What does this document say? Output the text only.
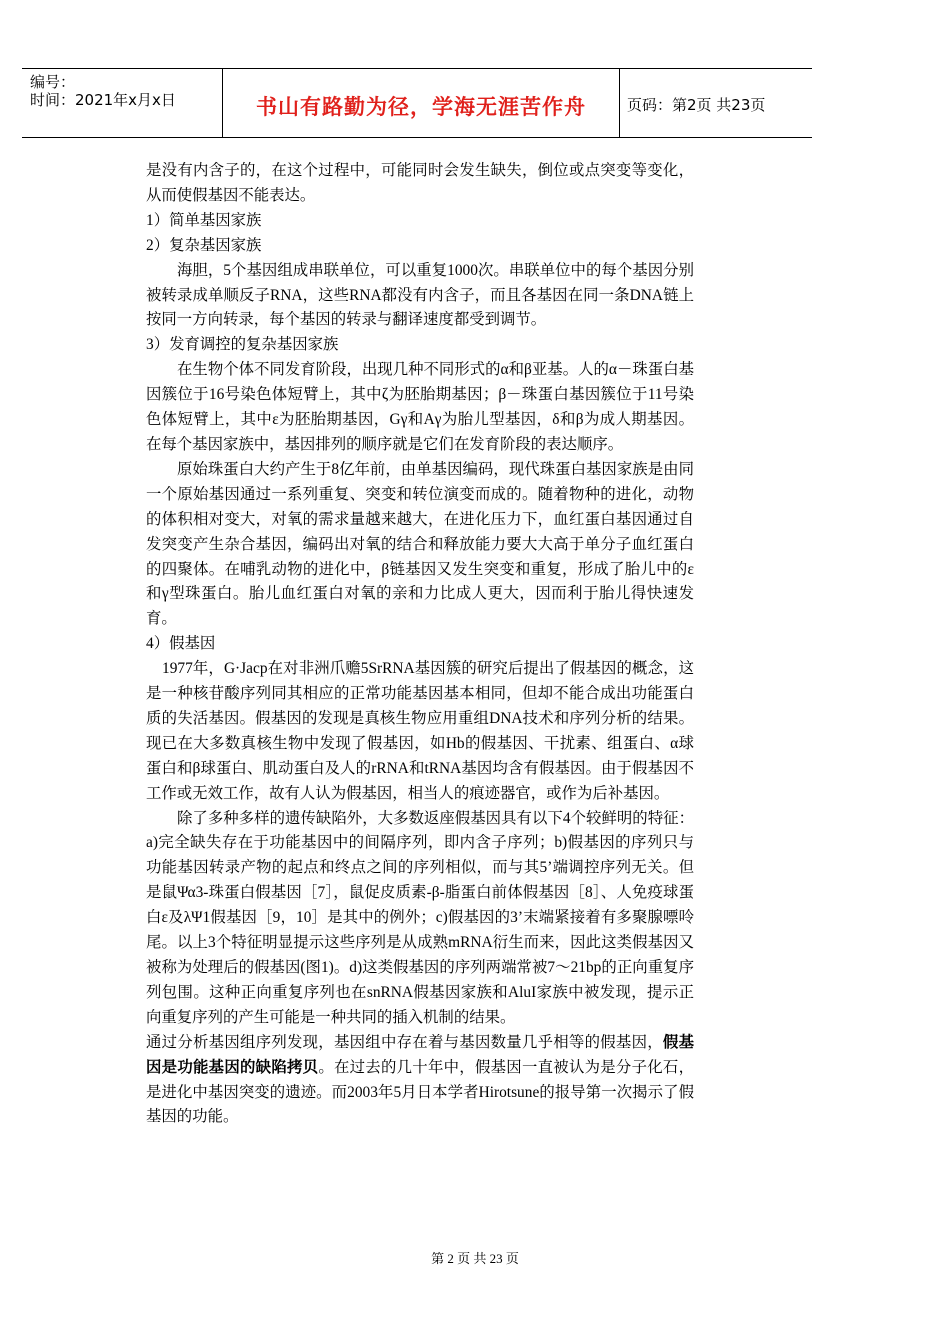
编号：
时间：2021年x月x日	书山有路勤为径，学海无涯苦作舟	页码：第2页 共23页

是没有内含子的，在这个过程中，可能同时会发生缺失，倒位或点突变等变化，从而使假基因不能表达。

1）简单基因家族

2）复杂基因家族

海胆，5个基因组成串联单位，可以重复1000次。串联单位中的每个基因分别被转录成单顺反子RNA，这些RNA都没有内含子，而且各基因在同一条DNA链上按同一方向转录，每个基因的转录与翻译速度都受到调节。

3）发育调控的复杂基因家族

在生物个体不同发育阶段，出现几种不同形式的α和β亚基。人的α－珠蛋白基因簇位于16号染色体短臂上，其中ζ为胚胎期基因；β－珠蛋白基因簇位于11号染色体短臂上，其中ε为胚胎期基因，Gγ和Aγ为胎儿型基因，δ和β为成人期基因。在每个基因家族中，基因排列的顺序就是它们在发育阶段的表达顺序。

原始珠蛋白大约产生于8亿年前，由单基因编码，现代珠蛋白基因家族是由同一个原始基因通过一系列重复、突变和转位演变而成的。随着物种的进化，动物的体积相对变大，对氧的需求量越来越大，在进化压力下，血红蛋白基因通过自发突变产生杂合基因，编码出对氧的结合和释放能力要大大高于单分子血红蛋白的四聚体。在哺乳动物的进化中，β链基因又发生突变和重复，形成了胎儿中的ε和γ型珠蛋白。胎儿血红蛋白对氧的亲和力比成人更大，因而利于胎儿得快速发育。

4）假基因

1977年，G·Jacp在对非洲爪赡5SrRNA基因簇的研究后提出了假基因的概念，这是一种核苷酸序列同其相应的正常功能基因基本相同，但却不能合成出功能蛋白质的失活基因。假基因的发现是真核生物应用重组DNA技术和序列分析的结果。现已在大多数真核生物中发现了假基因，如Hb的假基因、干扰素、组蛋白、α球蛋白和β球蛋白、肌动蛋白及人的rRNA和tRNA基因均含有假基因。由于假基因不工作或无效工作，故有人认为假基因，相当人的痕迹器官，或作为后补基因。

除了多种多样的遗传缺陷外，大多数返座假基因具有以下4个较鲜明的特征：a)完全缺失存在于功能基因中的间隔序列，即内含子序列；b)假基因的序列只与功能基因转录产物的起点和终点之间的序列相似，而与其5’端调控序列无关。但是鼠Ψα3-珠蛋白假基因［7］，鼠促皮质素-β-脂蛋白前体假基因［8］、人免疫球蛋白ε及λΨ1假基因［9，10］是其中的例外；c)假基因的3’末端紧接着有多聚腺嘌呤尾。以上3个特征明显提示这些序列是从成熟mRNA衍生而来，因此这类假基因又被称为处理后的假基因(图1)。d)这类假基因的序列两端常被7～21bp的正向重复序列包围。这种正向重复序列也在snRNA假基因家族和AluI家族中被发现，提示正向重复序列的产生可能是一种共同的插入机制的结果。

通过分析基因组序列发现，基因组中存在着与基因数量几乎相等的假基因，假基因是功能基因的缺陷拷贝。在过去的几十年中，假基因一直被认为是分子化石，是进化中基因突变的遗迹。而2003年5月日本学者Hirotsune的报导第一次揭示了假基因的功能。

第 2 页 共 23 页
